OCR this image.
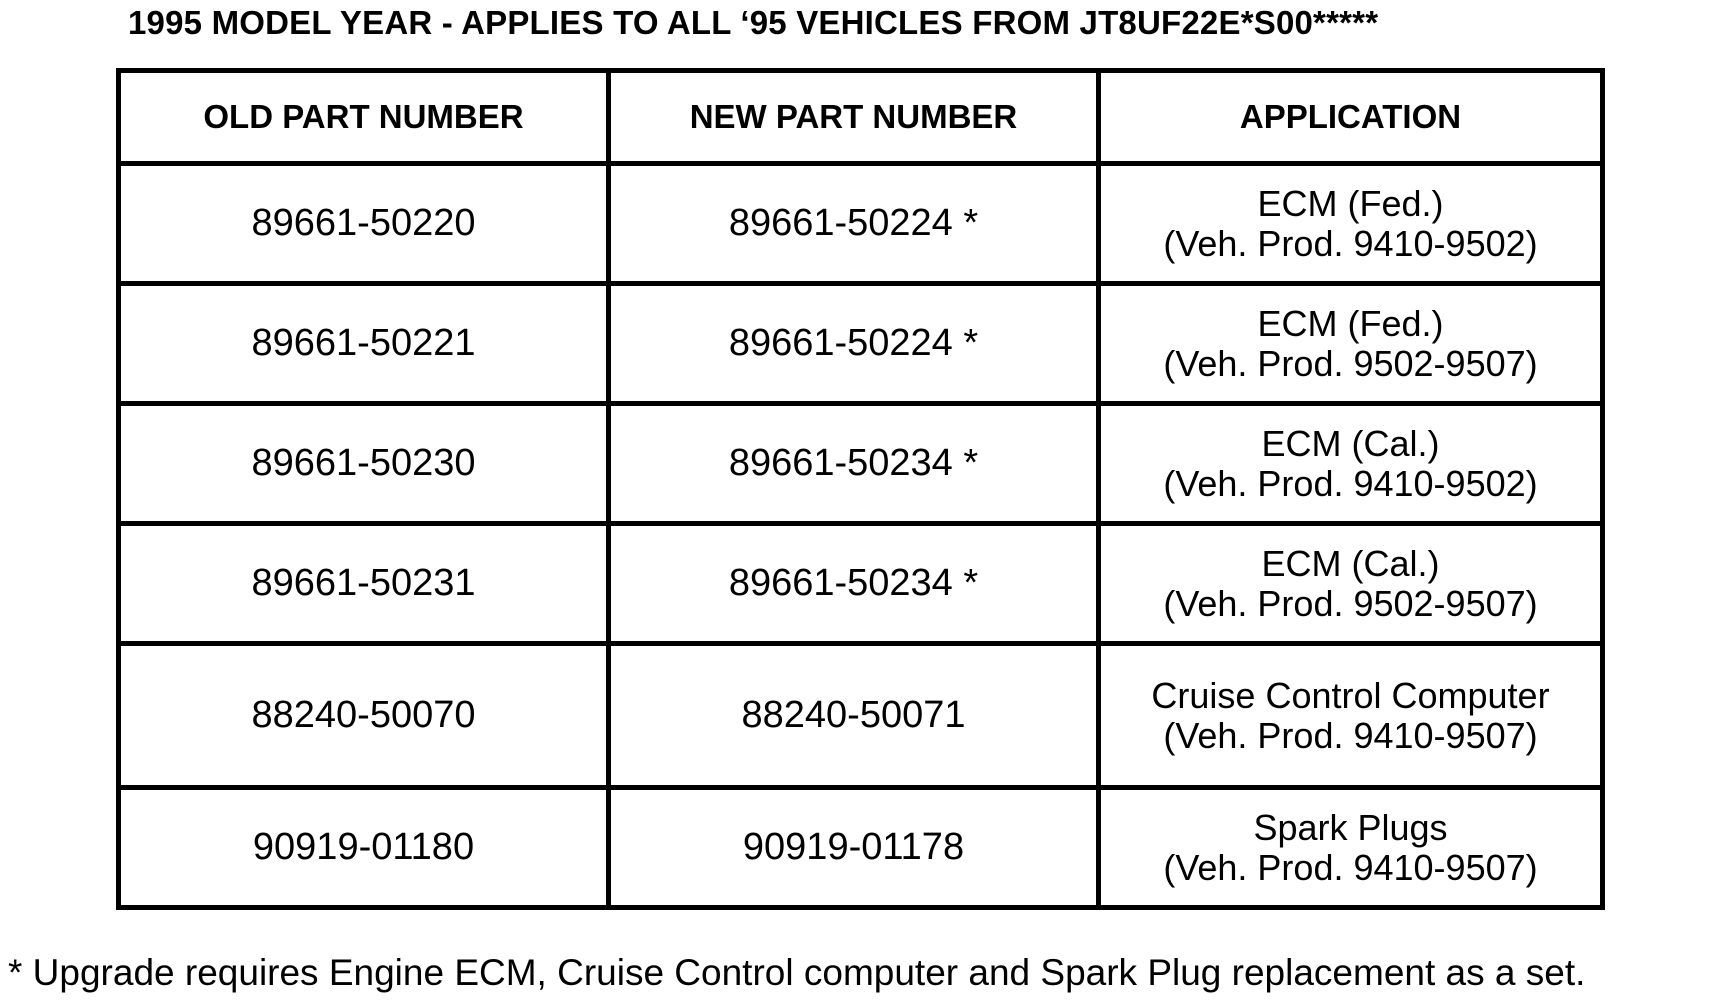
1995 MODEL YEAR - APPLIES TO ALL ‘95 VEHICLES FROM JT8UF22E*S00*****
OLD PART NUMBER	NEW PART NUMBER	APPLICATION
89661-50220	89661-50224 *	ECM (Fed.)
(Veh. Prod. 9410-9502)

89661-50221	89661-50224 *	ECM (Fed.)
(Veh. Prod. 9502-9507)

89661-50230	89661-50234 *	ECM (Cal.)
(Veh. Prod. 9410-9502)

89661-50231	89661-50234 *	ECM (Cal.)
(Veh. Prod. 9502-9507)

88240-50070	88240-50071	Cruise Control Computer
(Veh. Prod. 9410-9507)

90919-01180	90919-01178	Spark Plugs
(Veh. Prod. 9410-9507)
* Upgrade requires Engine ECM, Cruise Control computer and Spark Plug replacement as a set.
